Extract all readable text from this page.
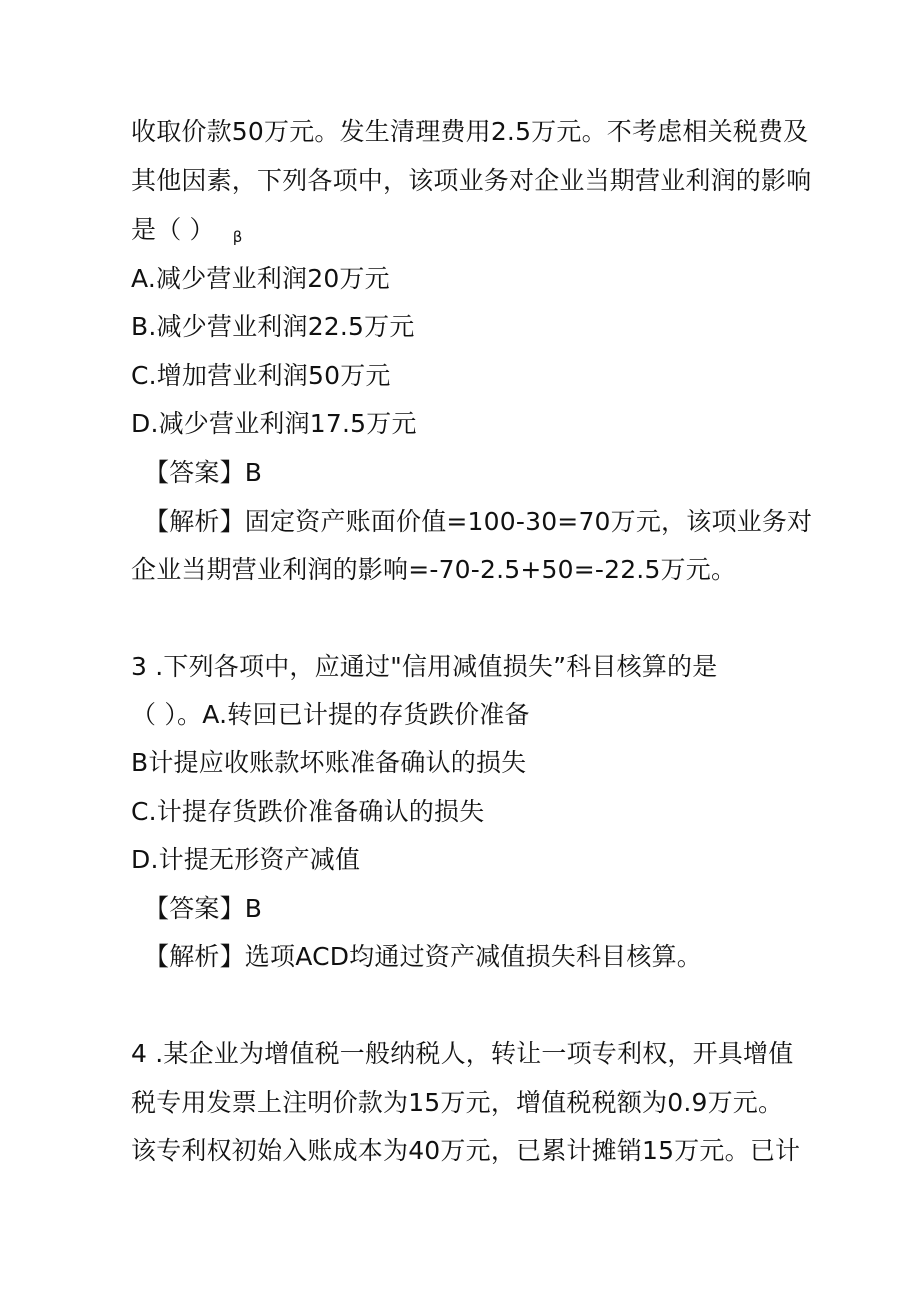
收取价款50万元。发生清理费用2.5万元。不考虑相关税费及
其他因素，下列各项中，该项业务对企业当期营业利润的影响
是（ ） β
A.减少营业利润20万元
B.减少营业利润22.5万元
C.增加营业利润50万元
D.减少营业利润17.5万元
【答案】B
【解析】固定资产账面价值=100-30=70万元，该项业务对
企业当期营业利润的影响=-70-2.5+50=-22.5万元。
3 .下列各项中，应通过"信用减值损失”科目核算的是
（ ）。A.转回已计提的存货跌价准备
B计提应收账款坏账准备确认的损失
C.计提存货跌价准备确认的损失
D.计提无形资产减值
【答案】B
【解析】选项ACD均通过资产减值损失科目核算。
4 .某企业为增值税一般纳税人，转让一项专利权，开具增值
税专用发票上注明价款为15万元，增值税税额为0.9万元。
该专利权初始入账成本为40万元，已累计摊销15万元。已计
